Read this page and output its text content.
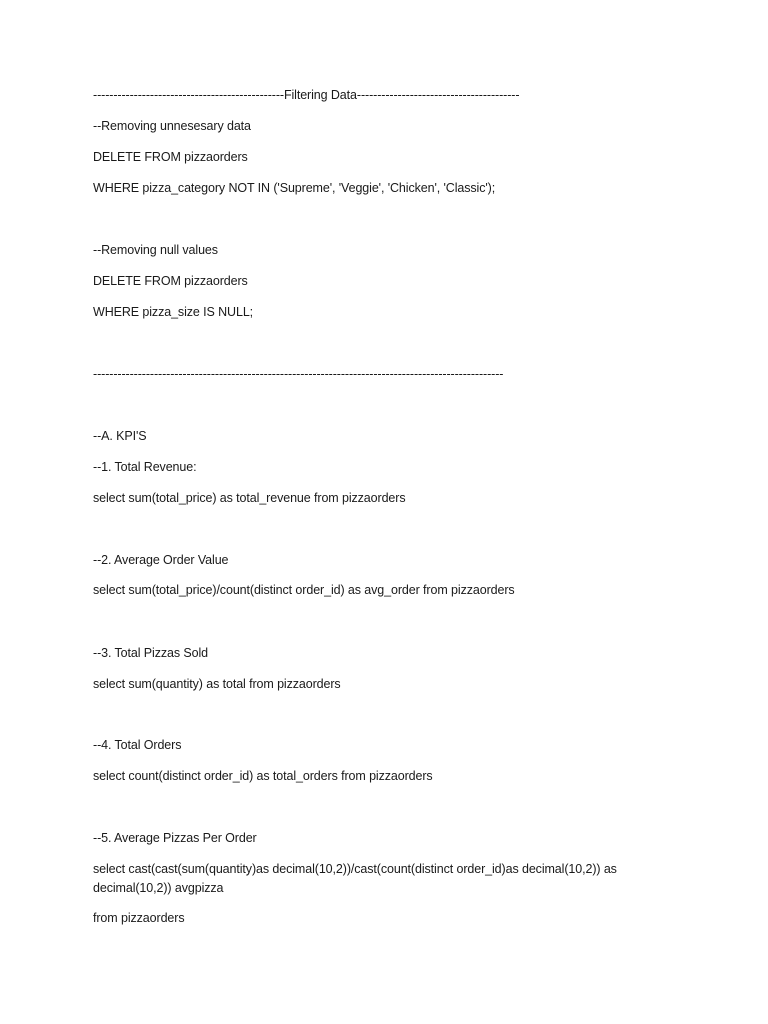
-----------------------------------------------Filtering Data----------------------------------------
--Removing unnesesary data
DELETE FROM pizzaorders
WHERE pizza_category NOT IN ('Supreme', 'Veggie', 'Chicken', 'Classic');
--Removing null values
DELETE FROM pizzaorders
WHERE pizza_size IS NULL;
-----------------------------------------------------------------------------------------------------
--A. KPI'S
--1. Total Revenue:
select sum(total_price) as total_revenue from pizzaorders
--2. Average Order Value
select sum(total_price)/count(distinct order_id) as avg_order from pizzaorders
--3. Total Pizzas Sold
select sum(quantity) as total from pizzaorders
--4. Total Orders
select count(distinct order_id) as total_orders from pizzaorders
--5. Average Pizzas Per Order
select cast(cast(sum(quantity)as decimal(10,2))/cast(count(distinct order_id)as decimal(10,2)) as decimal(10,2)) avgpizza
from pizzaorders
